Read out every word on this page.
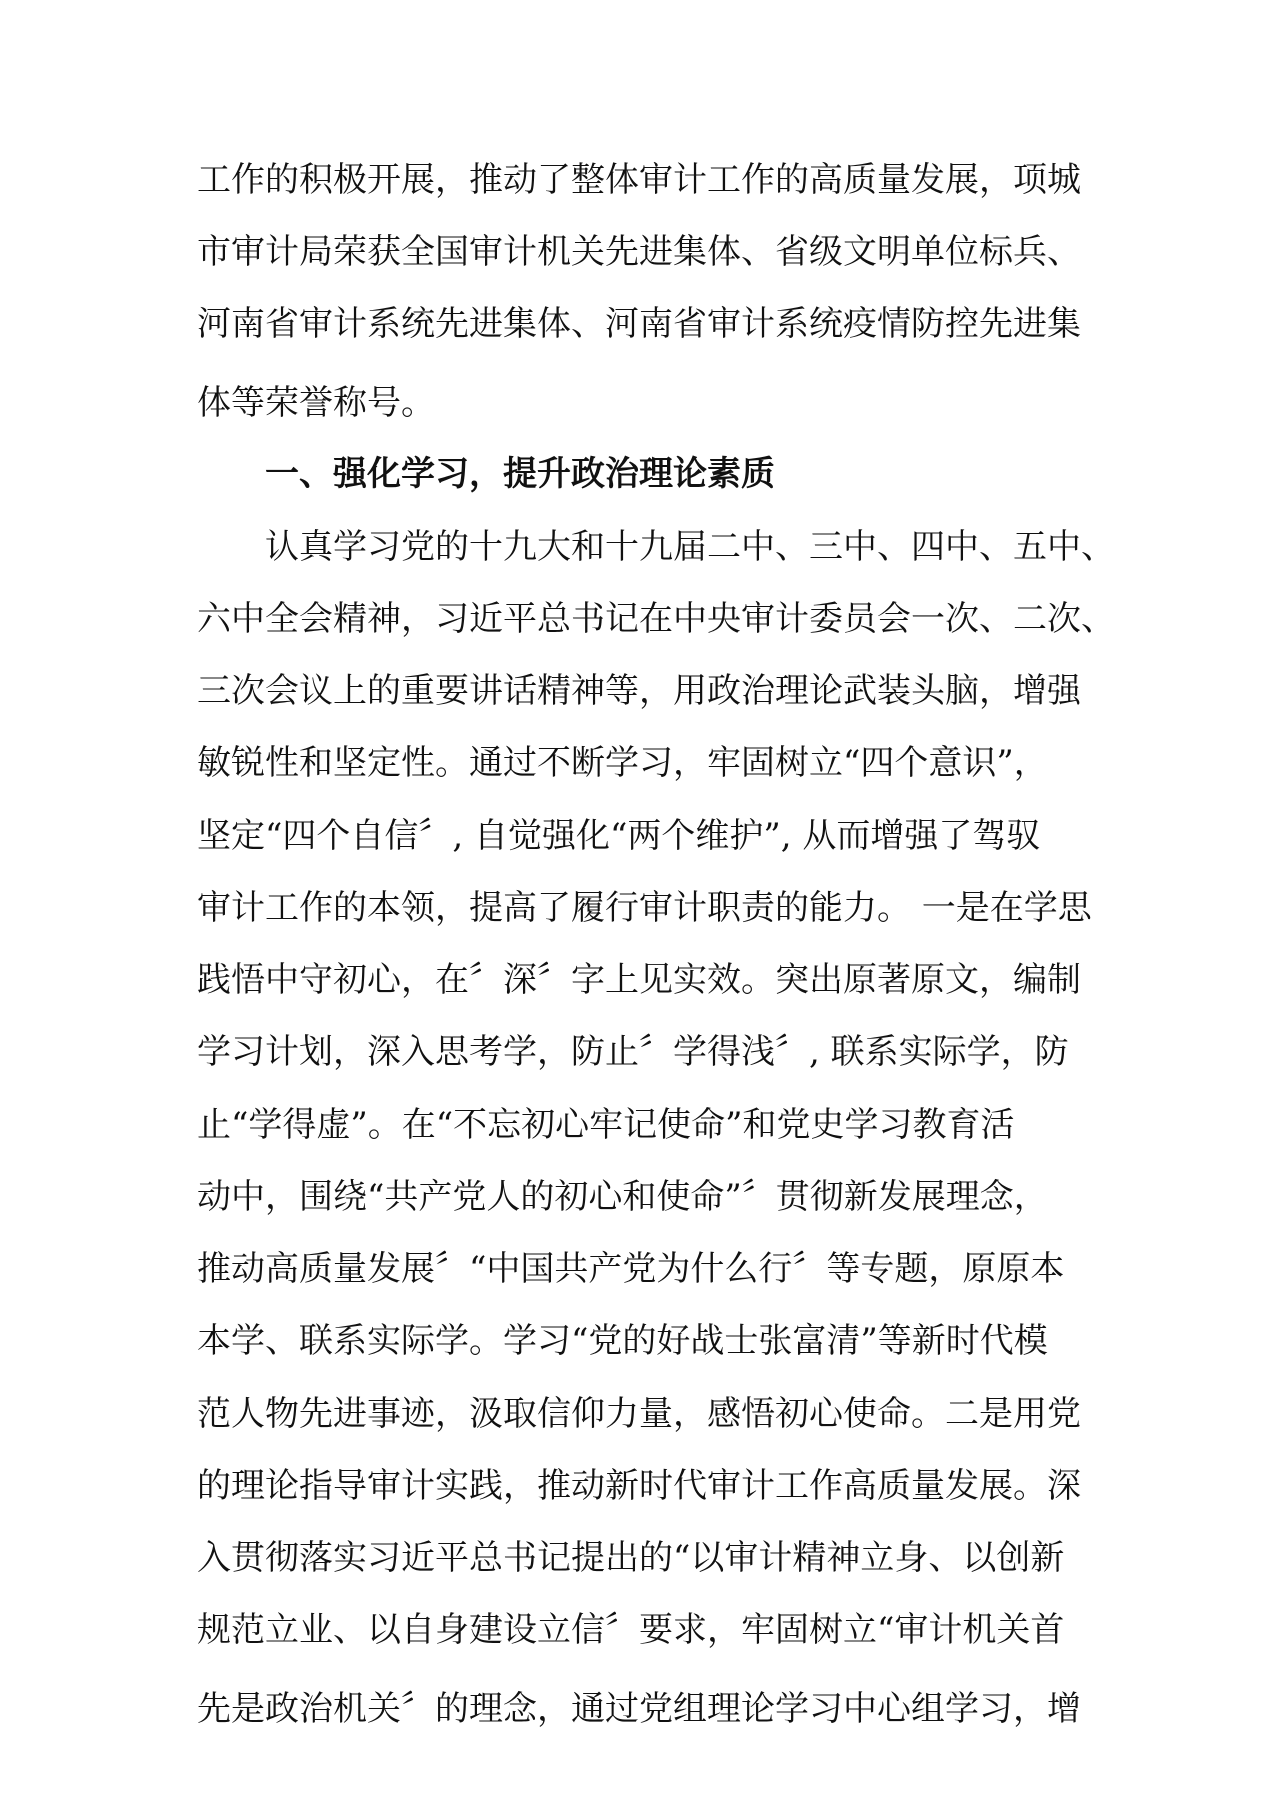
工作的积极开展，推动了整体审计工作的高质量发展，项城
市审计局荣获全国审计机关先进集体、省级文明单位标兵、
河南省审计系统先进集体、河南省审计系统疫情防控先进集
体等荣誉称号。
一、强化学习，提升政治理论素质
认真学习党的十九大和十九届二中、三中、四中、五中、
六中全会精神，习近平总书记在中央审计委员会一次、二次、
三次会议上的重要讲话精神等，用政治理论武装头脑，增强
敏锐性和坚定性。通过不断学习，牢固树立“四个意识”，
坚定“四个自信〞, 自觉强化“两个维护”, 从而增强了驾驭
审计工作的本领，提高了履行审计职责的能力。 一是在学思
践悟中守初心，在〞深〞字上见实效。突出原著原文，编制
学习计划，深入思考学，防止〞学得浅〞, 联系实际学，防
止“学得虚”。在“不忘初心牢记使命”和党史学习教育活
动中，围绕“共产党人的初心和使命”〞贯彻新发展理念，
推动高质量发展〞“中国共产党为什么行〞等专题，原原本
本学、联系实际学。学习“党的好战士张富清”等新时代模
范人物先进事迹，汲取信仰力量，感悟初心使命。二是用党
的理论指导审计实践，推动新时代审计工作高质量发展。深
入贯彻落实习近平总书记提出的“以审计精神立身、以创新
规范立业、以自身建设立信〞要求，牢固树立“审计机关首
先是政治机关〞的理念，通过党组理论学习中心组学习，增
